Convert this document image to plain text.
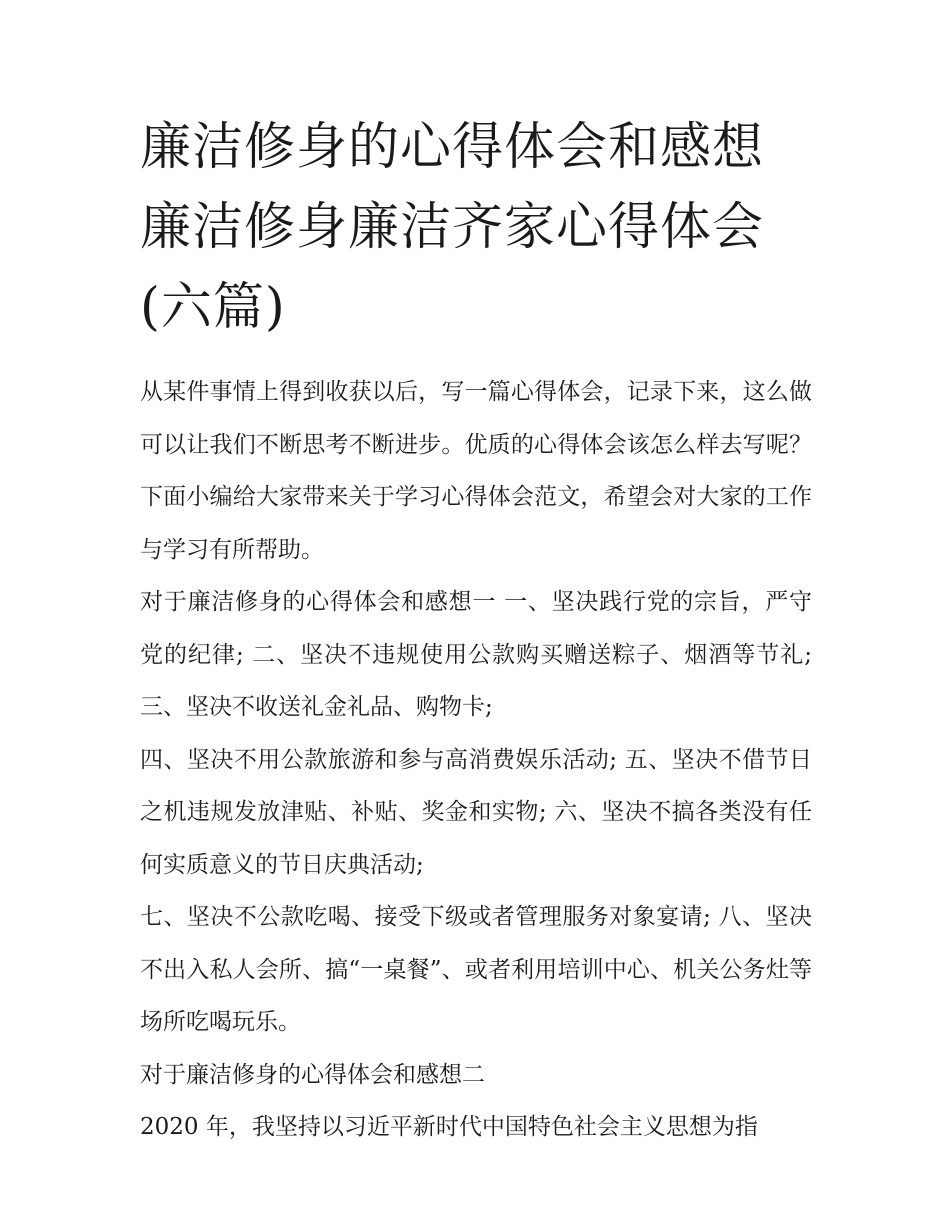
廉洁修身的心得体会和感想 廉洁修身廉洁齐家心得体会(六篇)

从某件事情上得到收获以后，写一篇心得体会，记录下来，这么做可以让我们不断思考不断进步。优质的心得体会该怎么样去写呢？下面小编给大家带来关于学习心得体会范文，希望会对大家的工作与学习有所帮助。

对于廉洁修身的心得体会和感想一 一、坚决践行党的宗旨，严守党的纪律; 二、坚决不违规使用公款购买赠送粽子、烟酒等节礼; 三、坚决不收送礼金礼品、购物卡;

四、坚决不用公款旅游和参与高消费娱乐活动; 五、坚决不借节日之机违规发放津贴、补贴、奖金和实物; 六、坚决不搞各类没有任何实质意义的节日庆典活动;

七、坚决不公款吃喝、接受下级或者管理服务对象宴请; 八、坚决不出入私人会所、搞“一桌餐”、或者利用培训中心、机关公务灶等场所吃喝玩乐。

对于廉洁修身的心得体会和感想二

2020 年，我坚持以习近平新时代中国特色社会主义思想为指
